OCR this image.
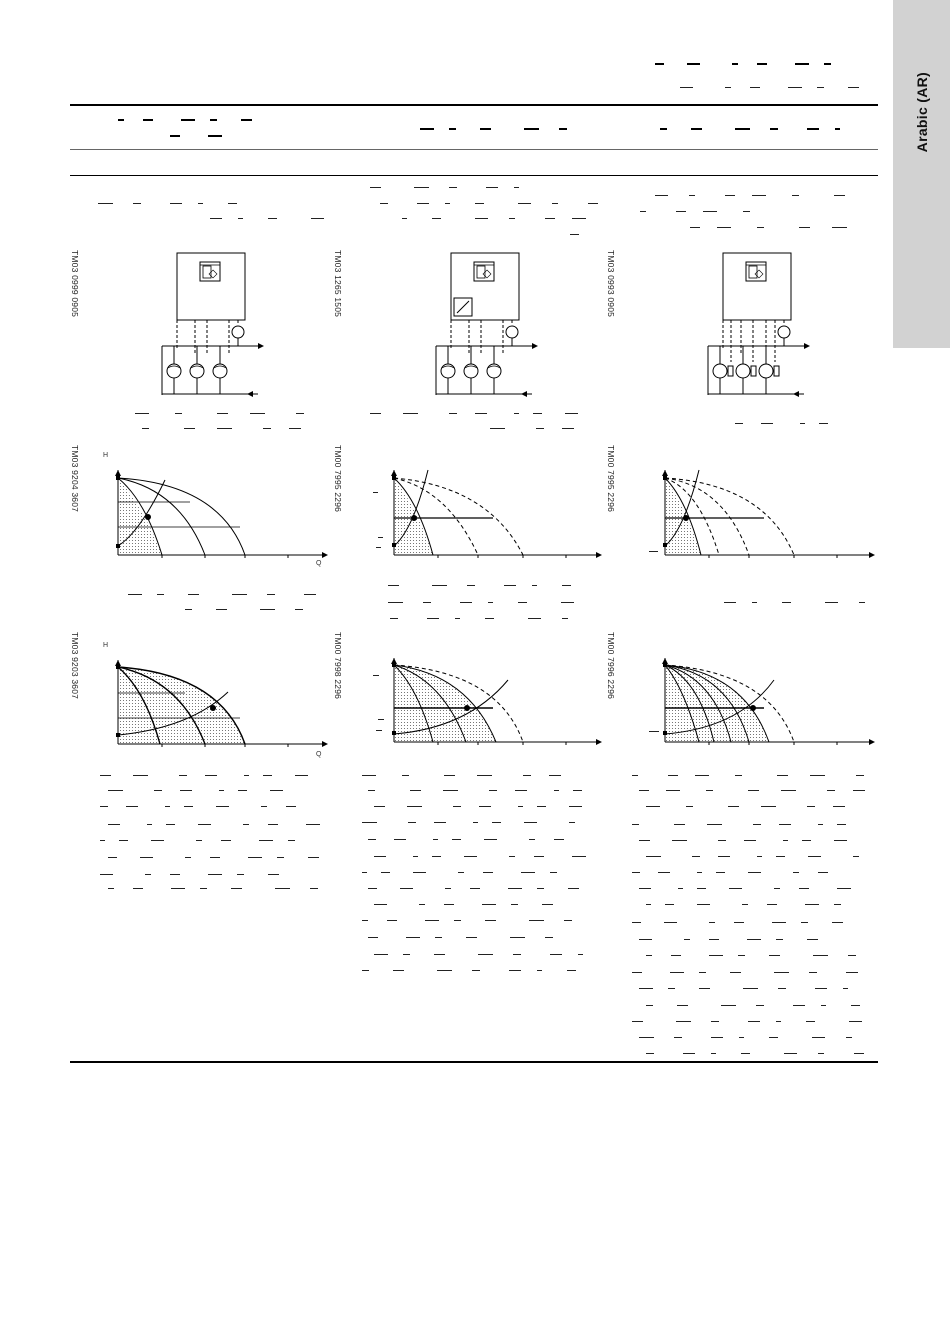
Arabic (AR)
TM03 0999 0905
TM03 9204 3607
TM03 9203 3607
TM03 1265 1505
TM00 7995 2296
TM00 7998 2296
TM03 0993 0905
TM00 7995 2296
TM00 7996 2296
H
Q
H
Q
